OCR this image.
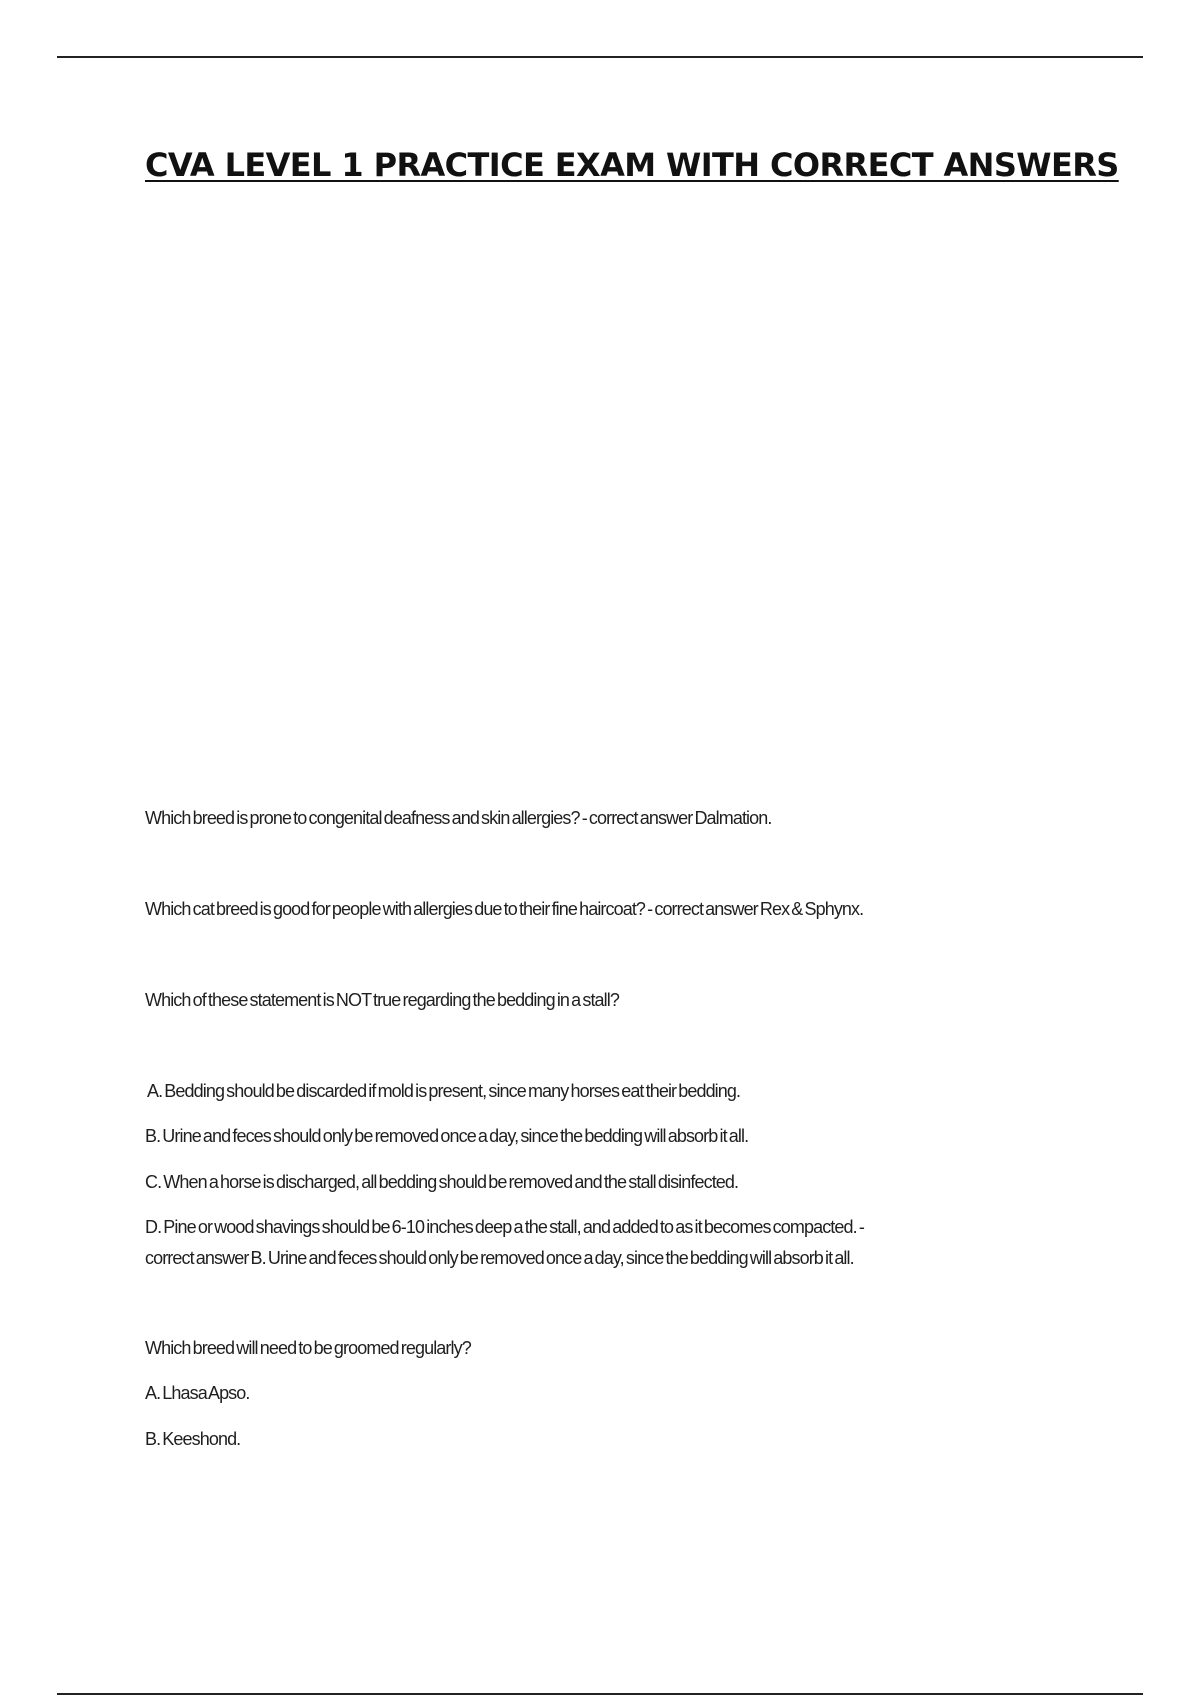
CVA LEVEL 1 PRACTICE EXAM WITH CORRECT ANSWERS

Which breed is prone to congenital deafness and skin allergies? - correct answer Dalmation.

Which cat breed is good for people with allergies due to their fine haircoat? - correct answer Rex & Sphynx.

Which of these statement is NOT true regarding the bedding in a stall?

A. Bedding should be discarded if mold is present, since many horses eat their bedding.

B. Urine and feces should only be removed once a day, since the bedding will absorb it all.

C. When a horse is discharged, all bedding should be removed and the stall disinfected.

D. Pine or wood shavings should be 6-10 inches deep a the stall, and added to as it becomes compacted. -

correct answer B. Urine and feces should only be removed once a day, since the bedding will absorb it all.

Which breed will need to be groomed regularly?

A. Lhasa Apso.

B. Keeshond.
